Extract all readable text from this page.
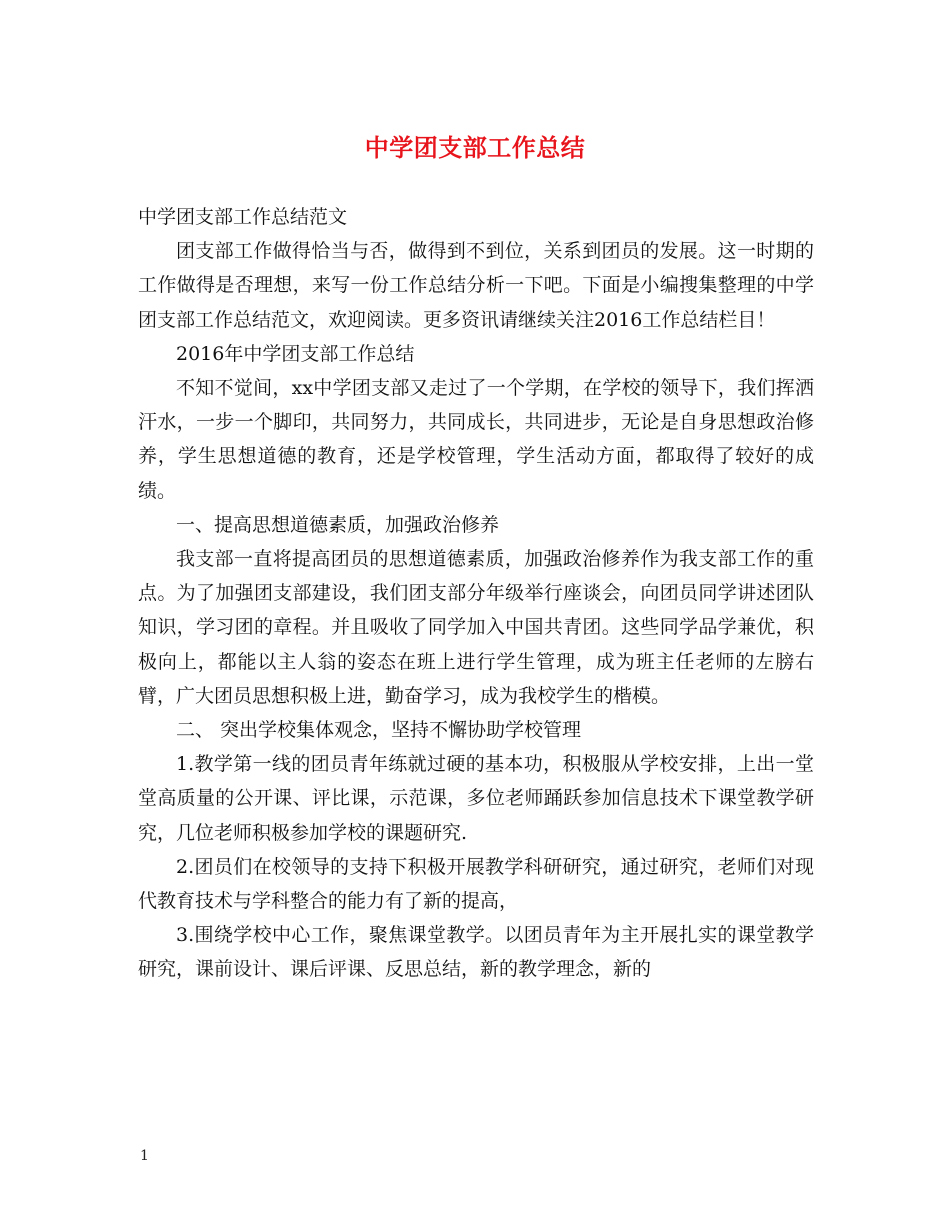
中学团支部工作总结

中学团支部工作总结范文

团支部工作做得恰当与否，做得到不到位，关系到团员的发展。这一时期的工作做得是否理想，来写一份工作总结分析一下吧。下面是小编搜集整理的中学团支部工作总结范文，欢迎阅读。更多资讯请继续关注2016工作总结栏目！

2016年中学团支部工作总结

不知不觉间，xx中学团支部又走过了一个学期，在学校的领导下，我们挥洒汗水，一步一个脚印，共同努力，共同成长，共同进步，无论是自身思想政治修养，学生思想道德的教育，还是学校管理，学生活动方面，都取得了较好的成绩。

一、提高思想道德素质，加强政治修养

我支部一直将提高团员的思想道德素质，加强政治修养作为我支部工作的重点。为了加强团支部建设，我们团支部分年级举行座谈会，向团员同学讲述团队知识，学习团的章程。并且吸收了同学加入中国共青团。这些同学品学兼优，积极向上，都能以主人翁的姿态在班上进行学生管理，成为班主任老师的左膀右臂，广大团员思想积极上进，勤奋学习，成为我校学生的楷模。

二、 突出学校集体观念，坚持不懈协助学校管理

1.教学第一线的团员青年练就过硬的基本功，积极服从学校安排，上出一堂堂高质量的公开课、评比课，示范课，多位老师踊跃参加信息技术下课堂教学研究，几位老师积极参加学校的课题研究.

2.团员们在校领导的支持下积极开展教学科研研究，通过研究，老师们对现代教育技术与学科整合的能力有了新的提高，

3.围绕学校中心工作，聚焦课堂教学。以团员青年为主开展扎实的课堂教学研究，课前设计、课后评课、反思总结，新的教学理念，新的

1
